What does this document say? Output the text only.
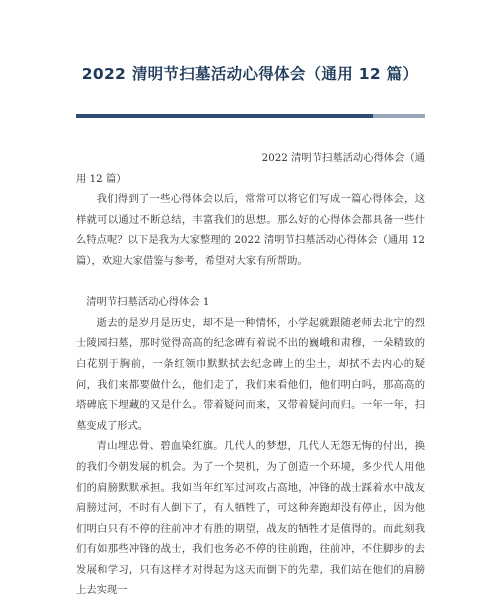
2022 清明节扫墓活动心得体会（通用 12 篇）

2022 清明节扫墓活动心得体会（通

用 12 篇）

我们得到了一些心得体会以后，常常可以将它们写成一篇心得体会，这样就可以通过不断总结，丰富我们的思想。那么好的心得体会都具备一些什么特点呢？以下是我为大家整理的 2022 清明节扫墓活动心得体会（通用 12 篇），欢迎大家借鉴与参考，希望对大家有所帮助。

清明节扫墓活动心得体会 1

逝去的是岁月是历史，却不是一种情怀，小学起就跟随老师去北宁的烈士陵园扫墓，那时觉得高高的纪念碑有着说不出的巍峨和肃穆，一朵精致的白花别于胸前，一条红领巾默默拭去纪念碑上的尘土，却拭不去内心的疑问，我们来都要做什么，他们走了，我们来看他们，他们明白吗，那高高的塔碑底下埋藏的又是什么。带着疑问而来，又带着疑问而归。一年一年，扫墓变成了形式。

青山埋忠骨、碧血染红旗。几代人的梦想，几代人无怨无悔的付出，换的我们今朝发展的机会。为了一个契机，为了创造一个环境，多少代人用他们的肩膀默默承担。我如当年红军过河攻占高地，冲锋的战士踩着水中战友肩膀过河，不时有人倒下了，有人牺牲了，可这种奔跑却没有停止，因为他们明白只有不停的往前冲才有胜的期望，战友的牺牲才是值得的。而此刻我们有如那些冲锋的战士，我们也务必不停的往前跑，往前冲，不住脚步的去发展和学习，只有这样才对得起为这天而倒下的先辈，我们站在他们的肩膀上去实现一
